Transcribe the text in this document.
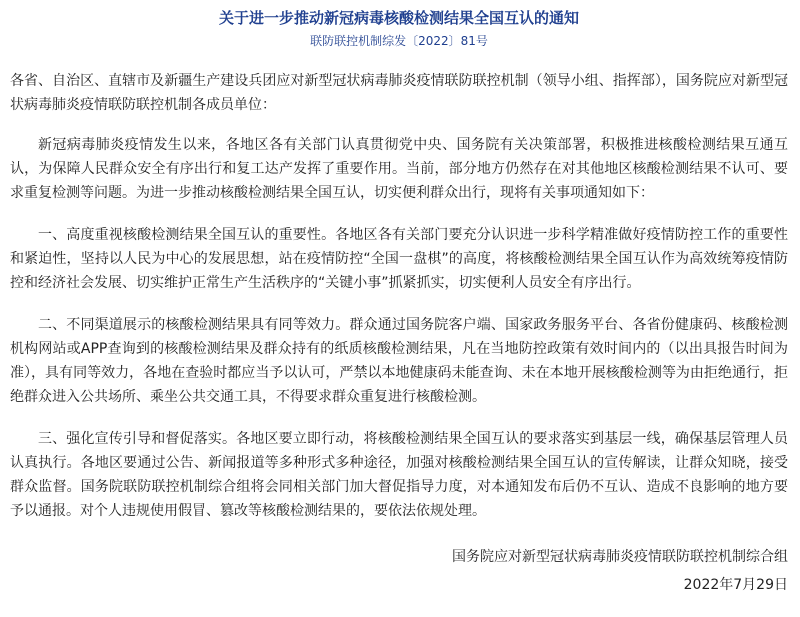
关于进一步推动新冠病毒核酸检测结果全国互认的通知
联防联控机制综发〔2022〕81号

各省、自治区、直辖市及新疆生产建设兵团应对新型冠状病毒肺炎疫情联防联控机制（领导小组、指挥部），国务院应对新型冠状病毒肺炎疫情联防联控机制各成员单位：

新冠病毒肺炎疫情发生以来，各地区各有关部门认真贯彻党中央、国务院有关决策部署，积极推进核酸检测结果互通互认，为保障人民群众安全有序出行和复工达产发挥了重要作用。当前，部分地方仍然存在对其他地区核酸检测结果不认可、要求重复检测等问题。为进一步推动核酸检测结果全国互认，切实便利群众出行，现将有关事项通知如下：

一、高度重视核酸检测结果全国互认的重要性。各地区各有关部门要充分认识进一步科学精准做好疫情防控工作的重要性和紧迫性，坚持以人民为中心的发展思想，站在疫情防控“全国一盘棋”的高度，将核酸检测结果全国互认作为高效统筹疫情防控和经济社会发展、切实维护正常生产生活秩序的“关键小事”抓紧抓实，切实便利人员安全有序出行。

二、不同渠道展示的核酸检测结果具有同等效力。群众通过国务院客户端、国家政务服务平台、各省份健康码、核酸检测机构网站或APP查询到的核酸检测结果及群众持有的纸质核酸检测结果，凡在当地防控政策有效时间内的（以出具报告时间为准），具有同等效力，各地在查验时都应当予以认可，严禁以本地健康码未能查询、未在本地开展核酸检测等为由拒绝通行，拒绝群众进入公共场所、乘坐公共交通工具，不得要求群众重复进行核酸检测。

三、强化宣传引导和督促落实。各地区要立即行动，将核酸检测结果全国互认的要求落实到基层一线，确保基层管理人员认真执行。各地区要通过公告、新闻报道等多种形式多种途径，加强对核酸检测结果全国互认的宣传解读，让群众知晓，接受群众监督。国务院联防联控机制综合组将会同相关部门加大督促指导力度，对本通知发布后仍不互认、造成不良影响的地方要予以通报。对个人违规使用假冒、篡改等核酸检测结果的，要依法依规处理。

国务院应对新型冠状病毒肺炎疫情联防联控机制综合组
2022年7月29日
